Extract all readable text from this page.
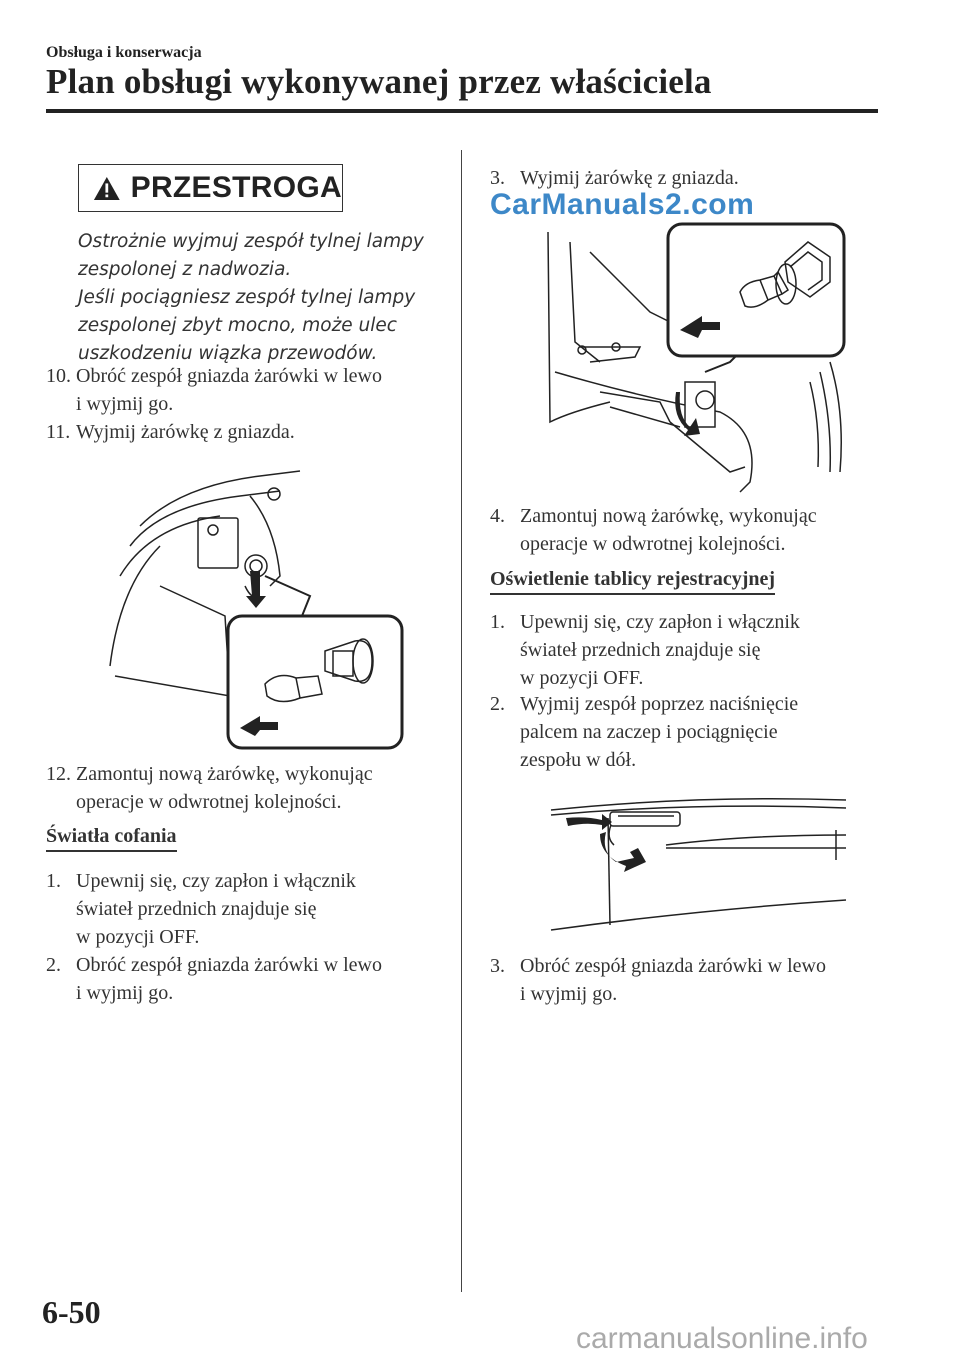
Obsługa i konserwacja
Plan obsługi wykonywanej przez właściciela
PRZESTROGA
Ostrożnie wyjmuj zespół tylnej lampy
zespolonej z nadwozia.
Jeśli pociągniesz zespół tylnej lampy
zespolonej zbyt mocno, może ulec
uszkodzeniu wiązka przewodów.
10. Obróć zespół gniazda żarówki w lewo
i wyjmij go.
11. Wyjmij żarówkę z gniazda.
12. Zamontuj nową żarówkę, wykonując
operacje w odwrotnej kolejności.
Światła cofania
1. Upewnij się, czy zapłon i włącznik
świateł przednich znajduje się
w pozycji OFF.
2. Obróć zespół gniazda żarówki w lewo
i wyjmij go.
3. Wyjmij żarówkę z gniazda.
CarManuals2.com
4. Zamontuj nową żarówkę, wykonując
operacje w odwrotnej kolejności.
Oświetlenie tablicy rejestracyjnej
1. Upewnij się, czy zapłon i włącznik
świateł przednich znajduje się
w pozycji OFF.
2. Wyjmij zespół poprzez naciśnięcie
palcem na zaczep i pociągnięcie
zespołu w dół.
3. Obróć zespół gniazda żarówki w lewo
i wyjmij go.
6-50
carmanualsonline.info
